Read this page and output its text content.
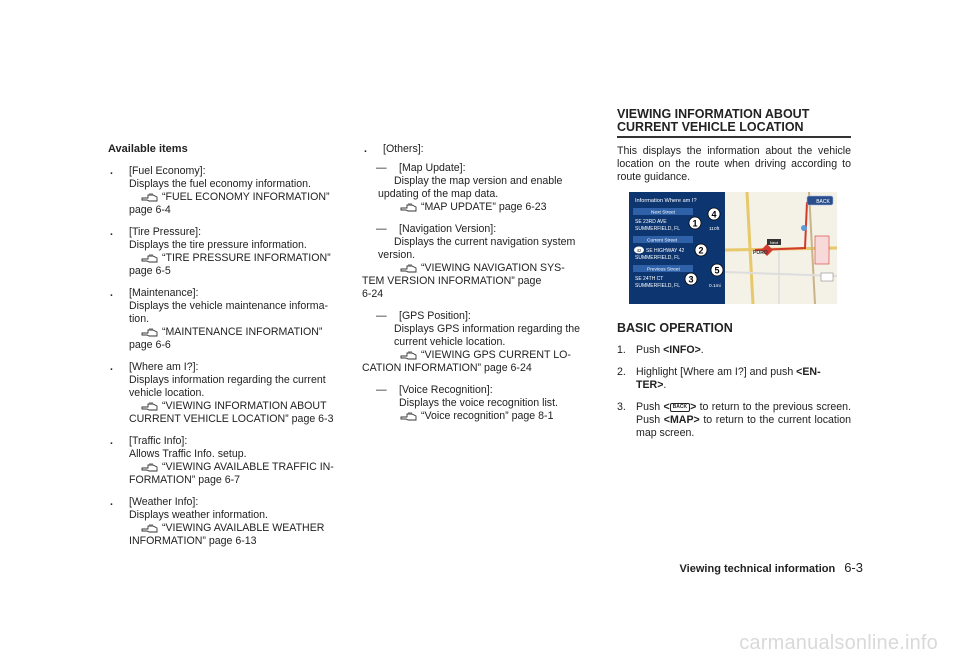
Available items
. [Fuel Economy]:
Displays the fuel economy information.
“FUEL ECONOMY INFORMATION”
page 6-4
. [Tire Pressure]:
Displays the tire pressure information.
“TIRE PRESSURE INFORMATION”
page 6-5
. [Maintenance]:
Displays the vehicle maintenance informa-
tion.
“MAINTENANCE INFORMATION”
page 6-6
. [Where am I?]:
Displays information regarding the current
vehicle location.
“VIEWING INFORMATION ABOUT
CURRENT VEHICLE LOCATION” page 6-3
. [Traffic Info]:
Allows Traffic Info. setup.
“VIEWING AVAILABLE TRAFFIC IN-
FORMATION” page 6-7
. [Weather Info]:
Displays weather information.
“VIEWING AVAILABLE WEATHER
INFORMATION” page 6-13
. [Others]:
— [Map Update]:
Display the map version and enable
updating of the map data.
“MAP UPDATE” page 6-23
— [Navigation Version]:
Displays the current navigation system
version.
“VIEWING NAVIGATION SYS-
TEM VERSION INFORMATION” page
6-24
— [GPS Position]:
Displays GPS information regarding the
current vehicle location.
“VIEWING GPS CURRENT LO-
CATION INFORMATION” page 6-24
— [Voice Recognition]:
Displays the voice recognition list.
“Voice recognition” page 8-1
VIEWING INFORMATION ABOUT
CURRENT VEHICLE LOCATION
This displays the information about the vehicle location on the route when driving according to route guidance.
Next
PORO
BACK
Information Where am I?
Next Street
SE 23RD AVE
SUMMERFIELD, FL	110ft
Current Street
42 SE HIGHWAY 42
SUMMERFIELD, FL
Previous Street
SE 24TH CT
SUMMERFIELD, FL	0.1mi
1
4
2
3
5
BASIC OPERATION
1. Push <INFO>.
2. Highlight [Where am I?] and push <EN-
TER>.
3. Push < BACK > to return to the previous screen. Push <MAP> to return to the current location map screen.
Viewing technical information 6-3
carmanualsonline.info
